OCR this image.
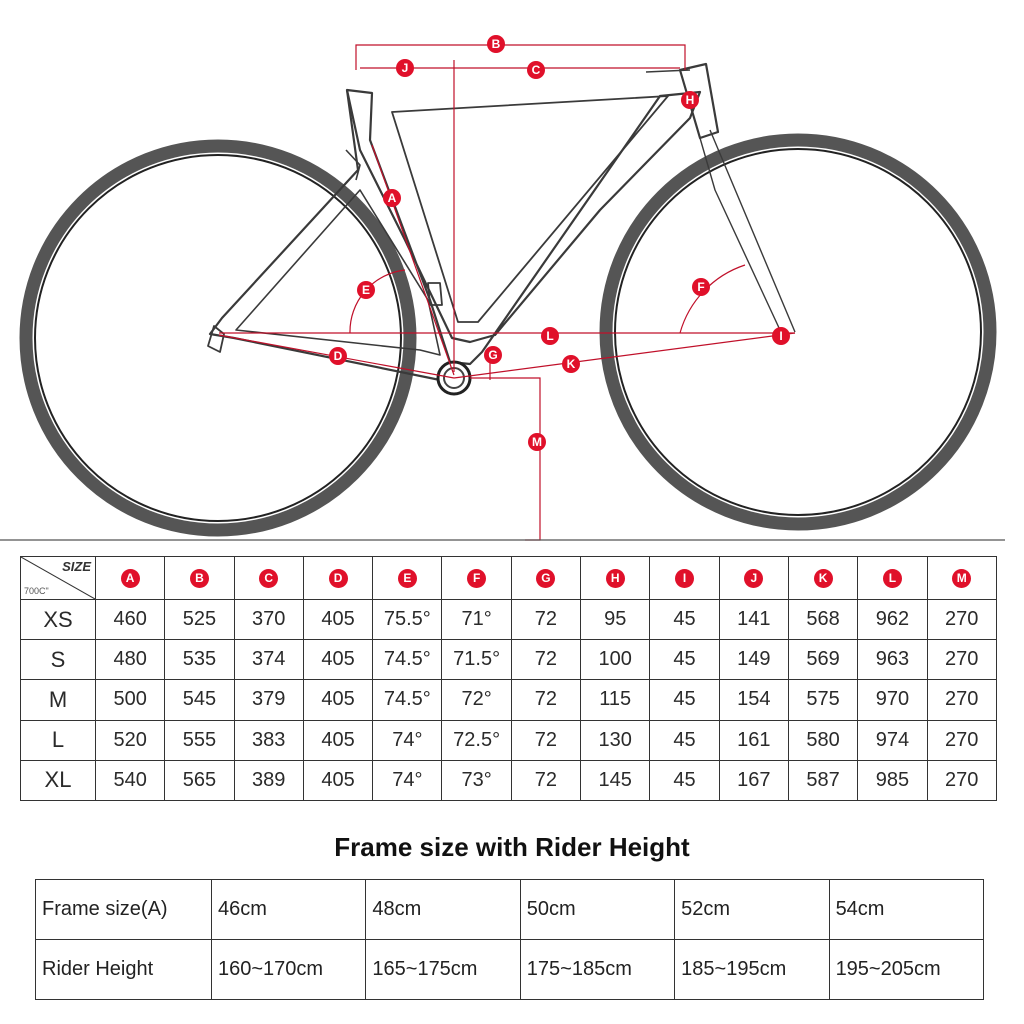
B
J	C
H
A
E	F
L	I
D	G
K
M
SIZE
700C"	A	B	C	D	E	F	G	H	I	J	K	L	M
XS	460	525	370	405	75.5°	71°	72	95	45	141	568	962	270
S	480	535	374	405	74.5°	71.5°	72	100	45	149	569	963	270
M	500	545	379	405	74.5°	72°	72	115	45	154	575	970	270
L	520	555	383	405	74°	72.5°	72	130	45	161	580	974	270
XL	540	565	389	405	74°	73°	72	145	45	167	587	985	270
Frame size with Rider Height
Frame size(A)	46cm	48cm	50cm	52cm	54cm
Rider Height	160~170cm	165~175cm	175~185cm	185~195cm	195~205cm
